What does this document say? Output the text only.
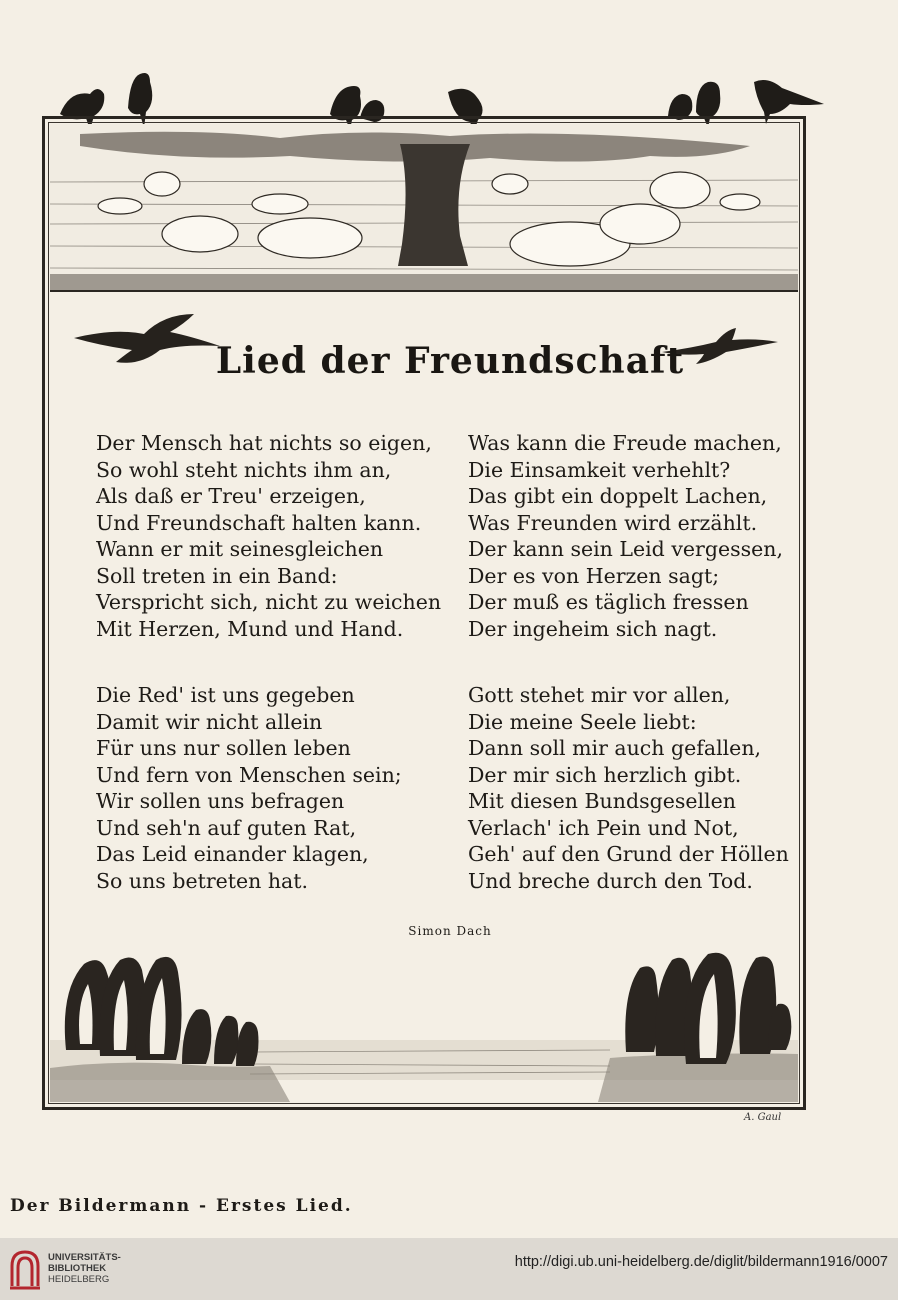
Lied der Freundschaft
Der Mensch hat nichts so eigen,
So wohl steht nichts ihm an,
Als daß er Treu' erzeigen,
Und Freundschaft halten kann.
Wann er mit seinesgleichen
Soll treten in ein Band:
Verspricht sich, nicht zu weichen
Mit Herzen, Mund und Hand.
Was kann die Freude machen,
Die Einsamkeit verhehlt?
Das gibt ein doppelt Lachen,
Was Freunden wird erzählt.
Der kann sein Leid vergessen,
Der es von Herzen sagt;
Der muß es täglich fressen
Der ingeheim sich nagt.
Die Red' ist uns gegeben
Damit wir nicht allein
Für uns nur sollen leben
Und fern von Menschen sein;
Wir sollen uns befragen
Und seh'n auf guten Rat,
Das Leid einander klagen,
So uns betreten hat.
Gott stehet mir vor allen,
Die meine Seele liebt:
Dann soll mir auch gefallen,
Der mir sich herzlich gibt.
Mit diesen Bundsgesellen
Verlach' ich Pein und Not,
Geh' auf den Grund der Höllen
Und breche durch den Tod.
Simon Dach
A. Gaul
Der Bildermann - Erstes Lied.
UNIVERSITÄTS-
BIBLIOTHEK
HEIDELBERG
http://digi.ub.uni-heidelberg.de/diglit/bildermann1916/0007
